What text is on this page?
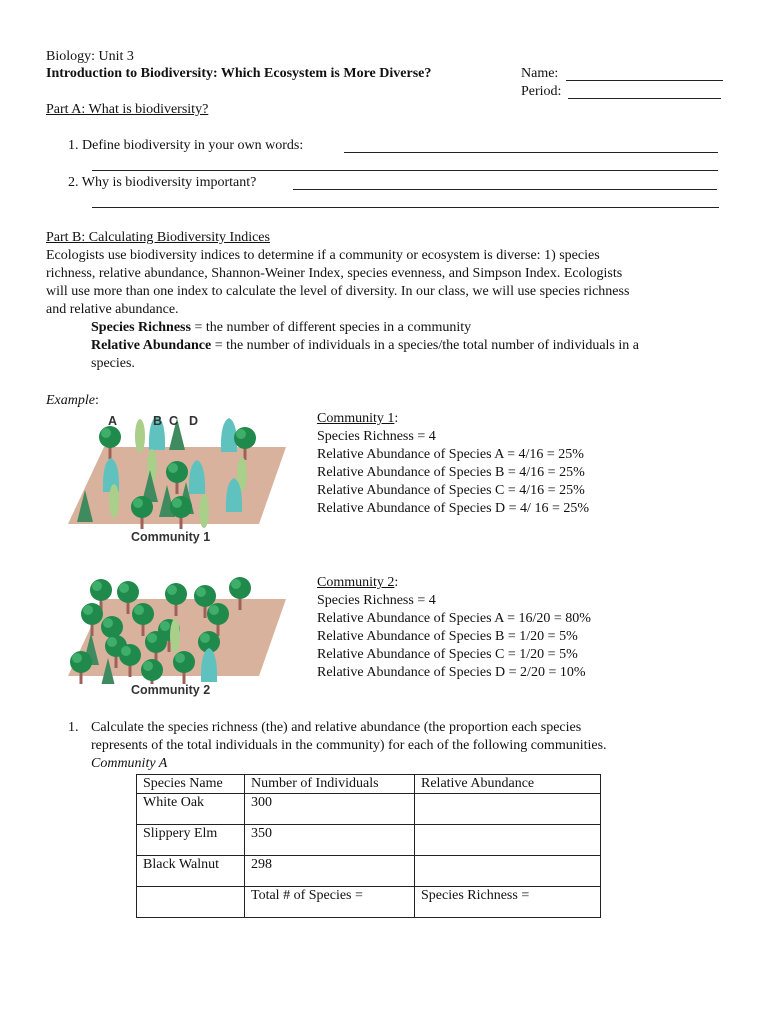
Biology: Unit 3
Introduction to Biodiversity: Which Ecosystem is More Diverse?	Name:
Period:
Part A: What is biodiversity?
1. Define biodiversity in your own words:
2. Why is biodiversity important?
Part B: Calculating Biodiversity Indices
Ecologists use biodiversity indices to determine if a community or ecosystem is diverse: 1) species
richness, relative abundance, Shannon-Weiner Index, species evenness, and Simpson Index. Ecologists
will use more than one index to calculate the level of diversity. In our class, we will use species richness
and relative abundance.
Species Richness = the number of different species in a community
Relative Abundance = the number of individuals in a species/the total number of individuals in a
species.
Example:
A	B C D
Community 1
Community 2
Community 1:
Species Richness = 4
Relative Abundance of Species A = 4/16 = 25%
Relative Abundance of Species B = 4/16 = 25%
Relative Abundance of Species C = 4/16 = 25%
Relative Abundance of Species D = 4/ 16 = 25%
Community 2:
Species Richness = 4
Relative Abundance of Species A = 16/20 = 80%
Relative Abundance of Species B = 1/20 = 5%
Relative Abundance of Species C = 1/20 = 5%
Relative Abundance of Species D = 2/20 = 10%
1. Calculate the species richness (the) and relative abundance (the proportion each species
represents of the total individuals in the community) for each of the following communities.
Community A
Species Name	Number of Individuals	Relative Abundance
White Oak	300	
Slippery Elm	350	
Black Walnut	298	
	Total # of Species =	Species Richness =
